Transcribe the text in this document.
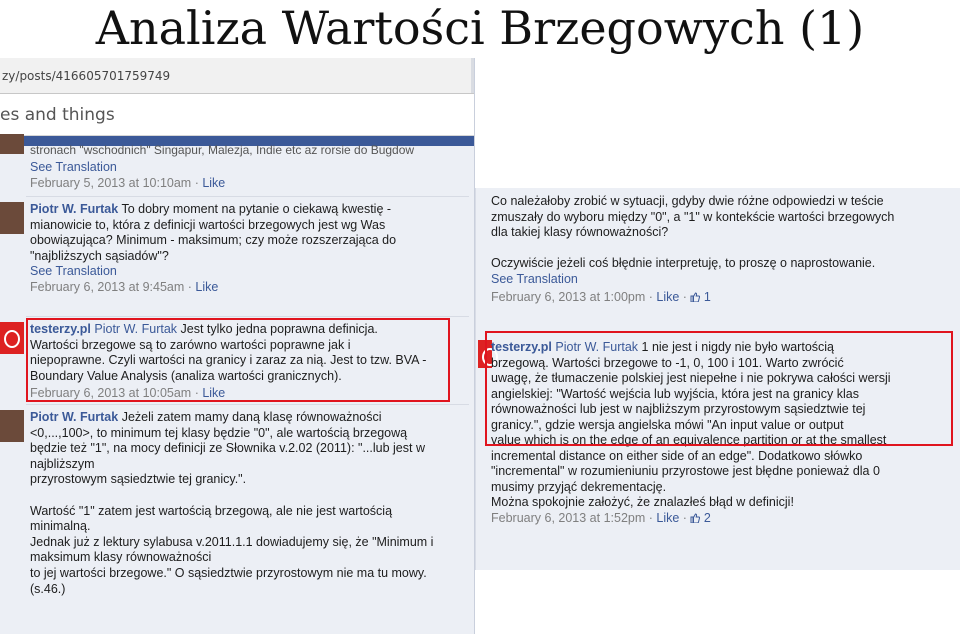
Analiza Wartości Brzegowych (1)
zy/posts/416605701759749
es and things
stronach "wschodnich" Singapur, Malezja, Indie etc az rorsie do Bugdow
See Translation
February 5, 2013 at 10:10am · Like
Piotr W. Furtak To dobry moment na pytanie o ciekawą kwestię -
mianowicie to, która z definicji wartości brzegowych jest wg Was
obowiązująca? Minimum - maksimum; czy może rozszerzająca do
"najbliższych sąsiadów"?
See Translation
February 6, 2013 at 9:45am · Like
testerzy.pl Piotr W. Furtak Jest tylko jedna poprawna definicja.
Wartości brzegowe są to zarówno wartości poprawne jak i
niepoprawne. Czyli wartości na granicy i zaraz za nią. Jest to tzw. BVA -
Boundary Value Analysis (analiza wartości granicznych).
February 6, 2013 at 10:05am · Like
Piotr W. Furtak Jeżeli zatem mamy daną klasę równoważności
<0,...,100>, to minimum tej klasy będzie "0", ale wartością brzegową
będzie też "1", na mocy definicji ze Słownika v.2.02 (2011): "...lub jest w
najbliższym
przyrostowym sąsiedztwie tej granicy.".
Wartość "1" zatem jest wartością brzegową, ale nie jest wartością
minimalną.
Jednak już z lektury sylabusa v.2011.1.1 dowiadujemy się, że "Minimum i
maksimum klasy równoważności
to jej wartości brzegowe." O sąsiedztwie przyrostowym nie ma tu mowy.
(s.46.)
Co należałoby zrobić w sytuacji, gdyby dwie różne odpowiedzi w teście
zmuszały do wyboru między "0", a "1" w kontekście wartości brzegowych
dla takiej klasy równoważności?
Oczywiście jeżeli coś błędnie interpretuję, to proszę o naprostowanie.
See Translation
February 6, 2013 at 1:00pm · Like ·  1
testerzy.pl Piotr W. Furtak 1 nie jest i nigdy nie było wartością
brzegową. Wartości brzegowe to -1, 0, 100 i 101. Warto zwrócić
uwagę, że tłumaczenie polskiej jest niepełne i nie pokrywa całości wersji
angielskiej: "Wartość wejścia lub wyjścia, która jest na granicy klas
równoważności lub jest w najbliższym przyrostowym sąsiedztwie tej
granicy.", gdzie wersja angielska mówi "An input value or output
value which is on the edge of an equivalence partition or at the smallest
incremental distance on either side of an edge". Dodatkowo słówko
"incremental" w rozumieniuniu przyrostowe jest błędne ponieważ dla 0
musimy przyjąć dekrementację.
Można spokojnie założyć, że znalazłeś błąd w definicji!
February 6, 2013 at 1:52pm · Like ·  2
